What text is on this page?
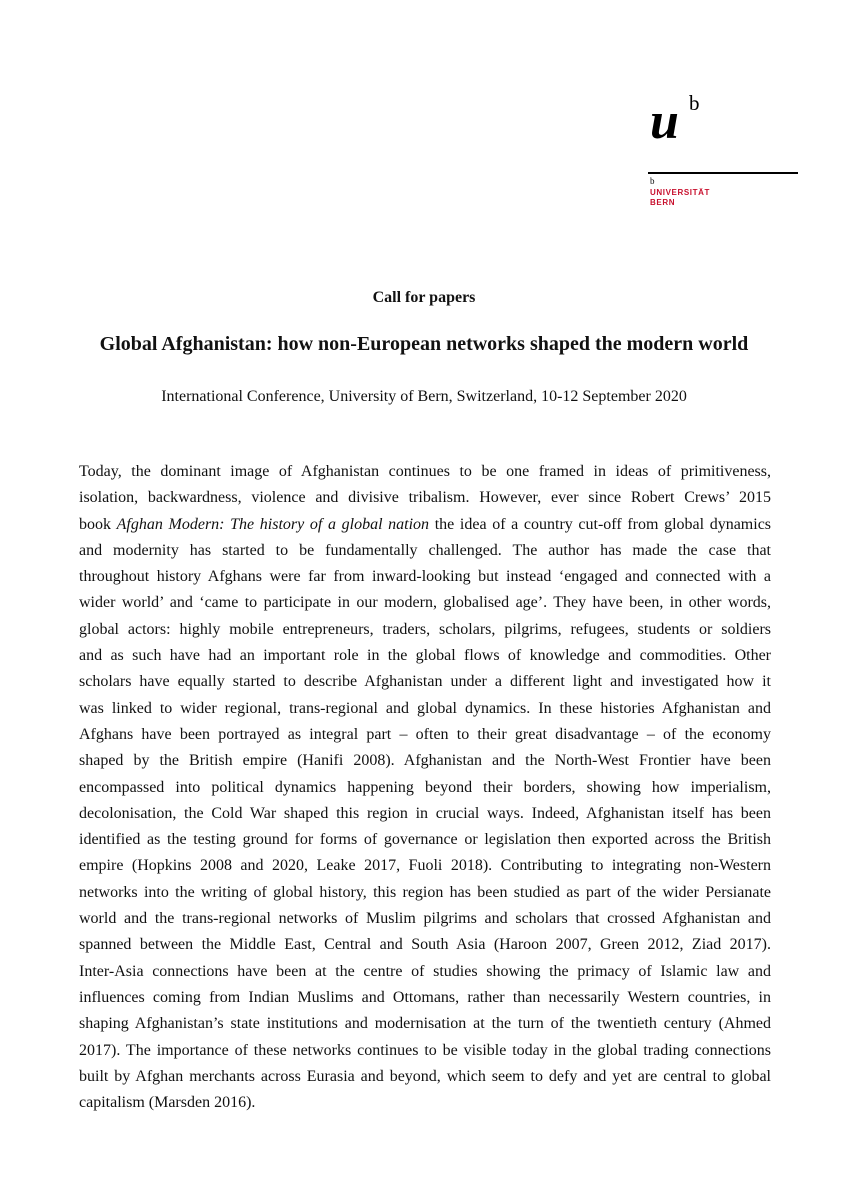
u b
b
UNIVERSITÄT
BERN
Call for papers
Global Afghanistan: how non-European networks shaped the modern world
International Conference, University of Bern, Switzerland, 10-12 September 2020
Today, the dominant image of Afghanistan continues to be one framed in ideas of primitiveness,
isolation, backwardness, violence and divisive tribalism. However, ever since Robert Crews’ 2015
book Afghan Modern: The history of a global nation the idea of a country cut-off from global dynamics
and modernity has started to be fundamentally challenged. The author has made the case that
throughout history Afghans were far from inward-looking but instead ‘engaged and connected with a
wider world’ and ‘came to participate in our modern, globalised age’. They have been, in other words,
global actors: highly mobile entrepreneurs, traders, scholars, pilgrims, refugees, students or soldiers
and as such have had an important role in the global flows of knowledge and commodities. Other
scholars have equally started to describe Afghanistan under a different light and investigated how it
was linked to wider regional, trans-regional and global dynamics. In these histories Afghanistan and
Afghans have been portrayed as integral part – often to their great disadvantage – of the economy
shaped by the British empire (Hanifi 2008). Afghanistan and the North-West Frontier have been
encompassed into political dynamics happening beyond their borders, showing how imperialism,
decolonisation, the Cold War shaped this region in crucial ways. Indeed, Afghanistan itself has been
identified as the testing ground for forms of governance or legislation then exported across the British
empire (Hopkins 2008 and 2020, Leake 2017, Fuoli 2018). Contributing to integrating non-Western
networks into the writing of global history, this region has been studied as part of the wider Persianate
world and the trans-regional networks of Muslim pilgrims and scholars that crossed Afghanistan and
spanned between the Middle East, Central and South Asia (Haroon 2007, Green 2012, Ziad 2017).
Inter-Asia connections have been at the centre of studies showing the primacy of Islamic law and
influences coming from Indian Muslims and Ottomans, rather than necessarily Western countries, in
shaping Afghanistan’s state institutions and modernisation at the turn of the twentieth century (Ahmed
2017). The importance of these networks continues to be visible today in the global trading connections
built by Afghan merchants across Eurasia and beyond, which seem to defy and yet are central to global
capitalism (Marsden 2016).
